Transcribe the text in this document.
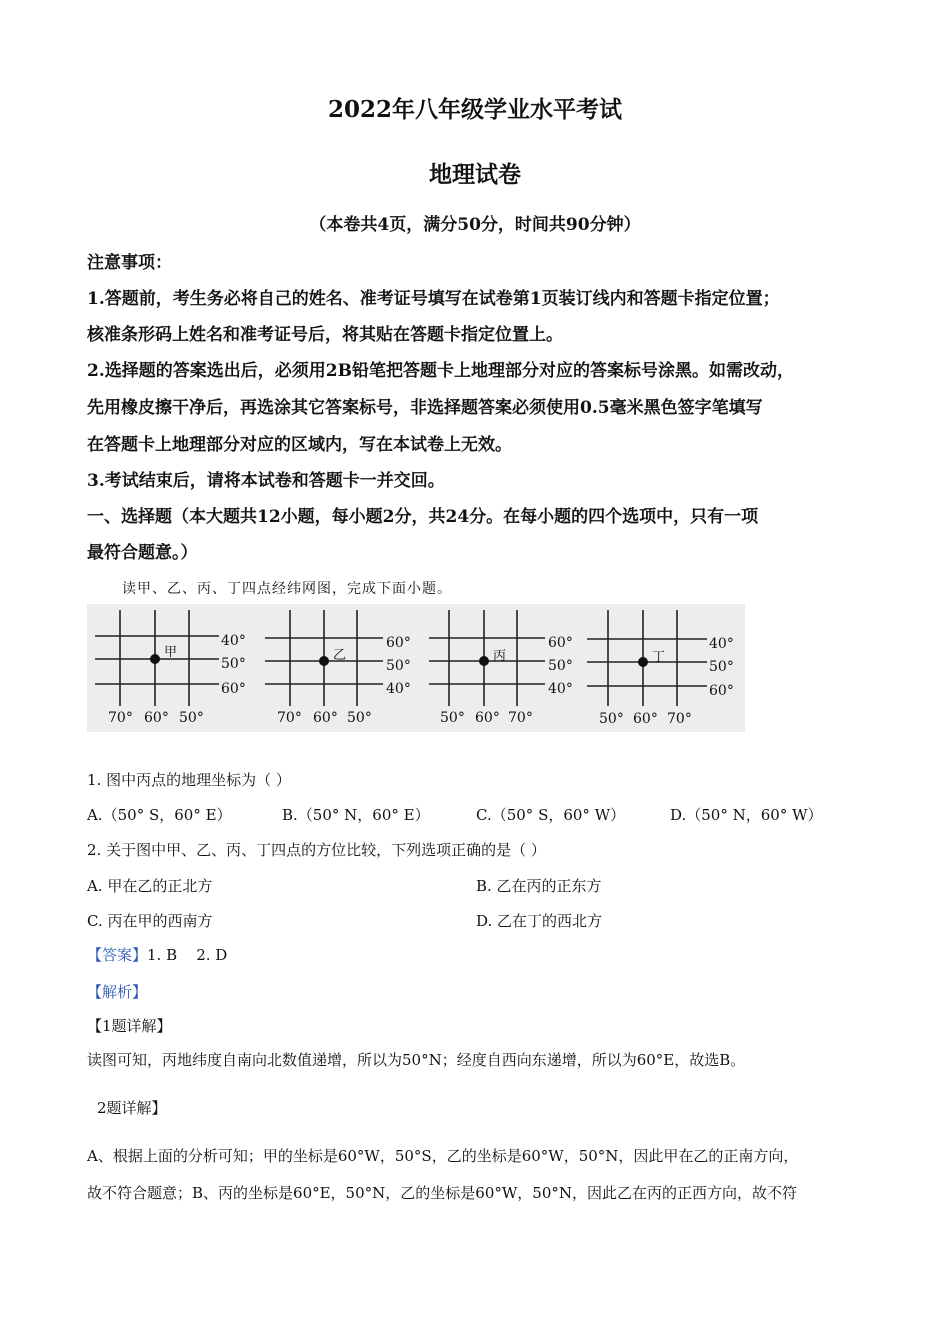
2022年八年级学业水平考试
地理试卷
（本卷共4页，满分50分，时间共90分钟）
注意事项：
1.答题前，考生务必将自己的姓名、准考证号填写在试卷第1页装订线内和答题卡指定位置；
核准条形码上姓名和准考证号后，将其贴在答题卡指定位置上。
2.选择题的答案选出后，必须用2B铅笔把答题卡上地理部分对应的答案标号涂黑。如需改动，
先用橡皮擦干净后，再选涂其它答案标号，非选择题答案必须使用0.5毫米黑色签字笔填写
在答题卡上地理部分对应的区域内，写在本试卷上无效。
3.考试结束后，请将本试卷和答题卡一并交回。
一、选择题（本大题共12小题，每小题2分，共24分。在每小题的四个选项中，只有一项
最符合题意。）
读甲、乙、丙、丁四点经纬网图，完成下面小题。
甲	乙	丙	丁
40°
50°
60°
70° 60° 50°
60°
50°
40°
70° 60° 50°
60°
50°
40°
50° 60° 70°
40°
50°
60°
50° 60° 70°
1. 图中丙点的地理坐标为（ ）
A.（50° S，60° E）	B.（50° N，60° E）	C.（50° S，60° W）	D.（50° N，60° W）
2. 关于图中甲、乙、丙、丁四点的方位比较，下列选项正确的是（ ）
A. 甲在乙的正北方	B. 乙在丙的正东方
C. 丙在甲的西南方	D. 乙在丁的西北方
【答案】1. B    2. D
【解析】
【1题详解】
读图可知，丙地纬度自南向北数值递增，所以为50°N；经度自西向东递增，所以为60°E，故选B。
2题详解】
A、根据上面的分析可知；甲的坐标是60°W，50°S，乙的坐标是60°W，50°N，因此甲在乙的正南方向，
故不符合题意；B、丙的坐标是60°E，50°N，乙的坐标是60°W，50°N，因此乙在丙的正西方向，故不符
